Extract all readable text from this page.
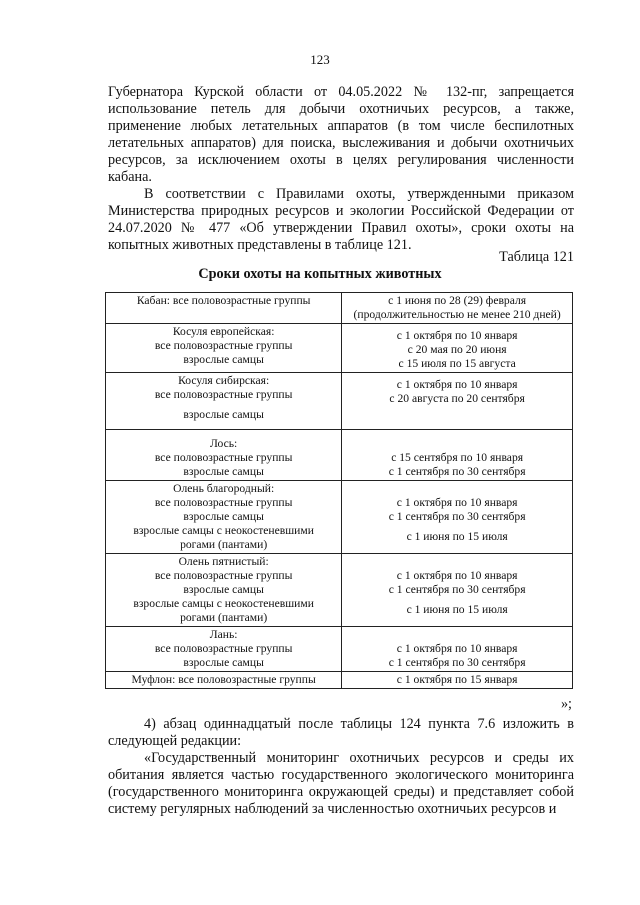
123

Губернатора Курской области от 04.05.2022 № 132-пг, запрещается использование петель для добычи охотничьих ресурсов, а также, применение любых летательных аппаратов (в том числе беспилотных летательных аппаратов) для поиска, выслеживания и добычи охотничьих ресурсов, за исключением охоты в целях регулирования численности кабана.

В соответствии с Правилами охоты, утвержденными приказом Министерства природных ресурсов и экологии Российской Федерации от 24.07.2020 № 477 «Об утверждении Правил охоты», сроки охоты на копытных животных представлены в таблице 121.

Таблица 121
Сроки охоты на копытных животных
Кабан: все половозрастные группы	с 1 июня по 28 (29) февраля
(продолжительностью не менее 210 дней)

Косуля европейская:
все половозрастные группы
взрослые самцы	с 1 октября по 10 января
с 20 мая по 20 июня
с 15 июля по 15 августа

Косуля сибирская:
все половозрастные группы
взрослые самцы	с 1 октября по 10 января
с 20 августа по 20 сентября

Лось:
все половозрастные группы
взрослые самцы	с 15 сентября по 10 января
с 1 сентября по 30 сентября

Олень благородный:
все половозрастные группы
взрослые самцы
взрослые самцы с неокостеневшими
рогами (пантами)	с 1 октября по 10 января
с 1 сентября по 30 сентября
с 1 июня по 15 июля

Олень пятнистый:
все половозрастные группы
взрослые самцы
взрослые самцы с неокостеневшими
рогами (пантами)	с 1 октября по 10 января
с 1 сентября по 30 сентября
с 1 июня по 15 июля

Лань:
все половозрастные группы
взрослые самцы	с 1 октября по 10 января
с 1 сентября по 30 сентября

Муфлон: все половозрастные группы	с 1 октября по 15 января
»;

4) абзац одиннадцатый после таблицы 124 пункта 7.6 изложить в следующей редакции:

«Государственный мониторинг охотничьих ресурсов и среды их обитания является частью государственного экологического мониторинга (государственного мониторинга окружающей среды) и представляет собой систему регулярных наблюдений за численностью охотничьих ресурсов и
